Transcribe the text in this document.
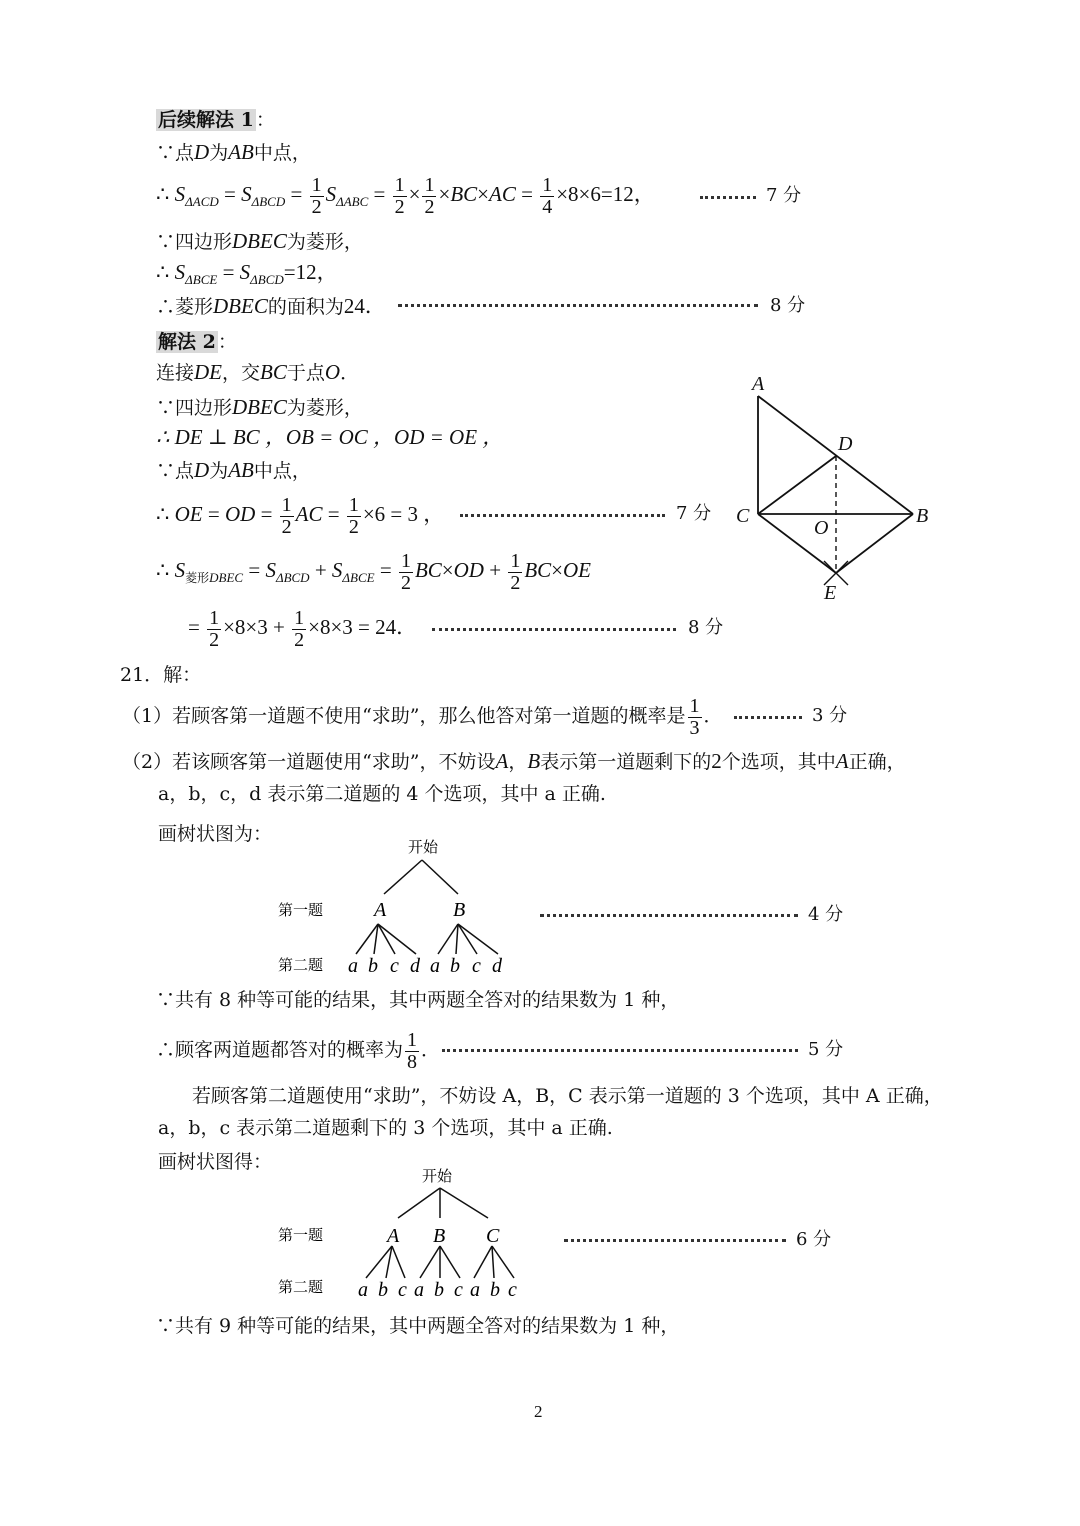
后续解法 1 ：
∵点D为AB中点，
∴ $S_{\Delta ACD} = S_{\Delta BCD} = \frac{1}{2} S_{\Delta ABC} = \frac{1}{2} \times \frac{1}{2} \times BC\times AC = \frac{1}{4} \times 8\times 6=12$，	7 分
∵四边形DBEC为菱形，
∴ $S_{\Delta BCE} = S_{\Delta BCD}=12$，
∴菱形DBEC的面积为24．	8 分
解法 2 ：
连接DE，交BC于点O．
∵四边形DBEC为菱形，
∴ DE ⊥ BC ，OB = OC ，OD = OE ，
∵点D为AB中点，
∴ OE = OD = $\frac{1}{2}$ AC = $\frac{1}{2} \times 6 = 3$ ，	7 分
∴ $S_{菱形DBEC} = S_{\Delta BCD} + S_{\Delta BCE} = \frac{1}{2} BC\times OD + \frac{1}{2} BC\times OE$
= $\frac{1}{2} \times 8\times 3 + \frac{1}{2} \times 8\times 3 = 24$．	8 分
A
D
C	B
O
E
21．解：
（1）若顾客第一道题不使用“求助”，那么他答对第一道题的概率是 $\frac{1}{3}$ ．	3 分
（2）若该顾客第一道题使用“求助”，不妨设A，B表示第一道题剩下的2个选项，其中A正确，
a，b，c，d 表示第二道题的 4 个选项，其中 a 正确.
画树状图为：
开始
第一题
第二题
A	B
a b c d a b c d
4 分
∵共有 8 种等可能的结果，其中两题全答对的结果数为 1 种，
∴顾客两道题都答对的概率为 $\frac{1}{8}$ ．	5 分
若顾客第二道题使用“求助”，不妨设 A，B，C 表示第一道题的 3 个选项，其中 A 正确，
a，b，c 表示第二道题剩下的 3 个选项，其中 a 正确.
画树状图得：
开始
第一题
第二题
A B C
a b c a b c a b c
6 分
∵共有 9 种等可能的结果，其中两题全答对的结果数为 1 种，
2
